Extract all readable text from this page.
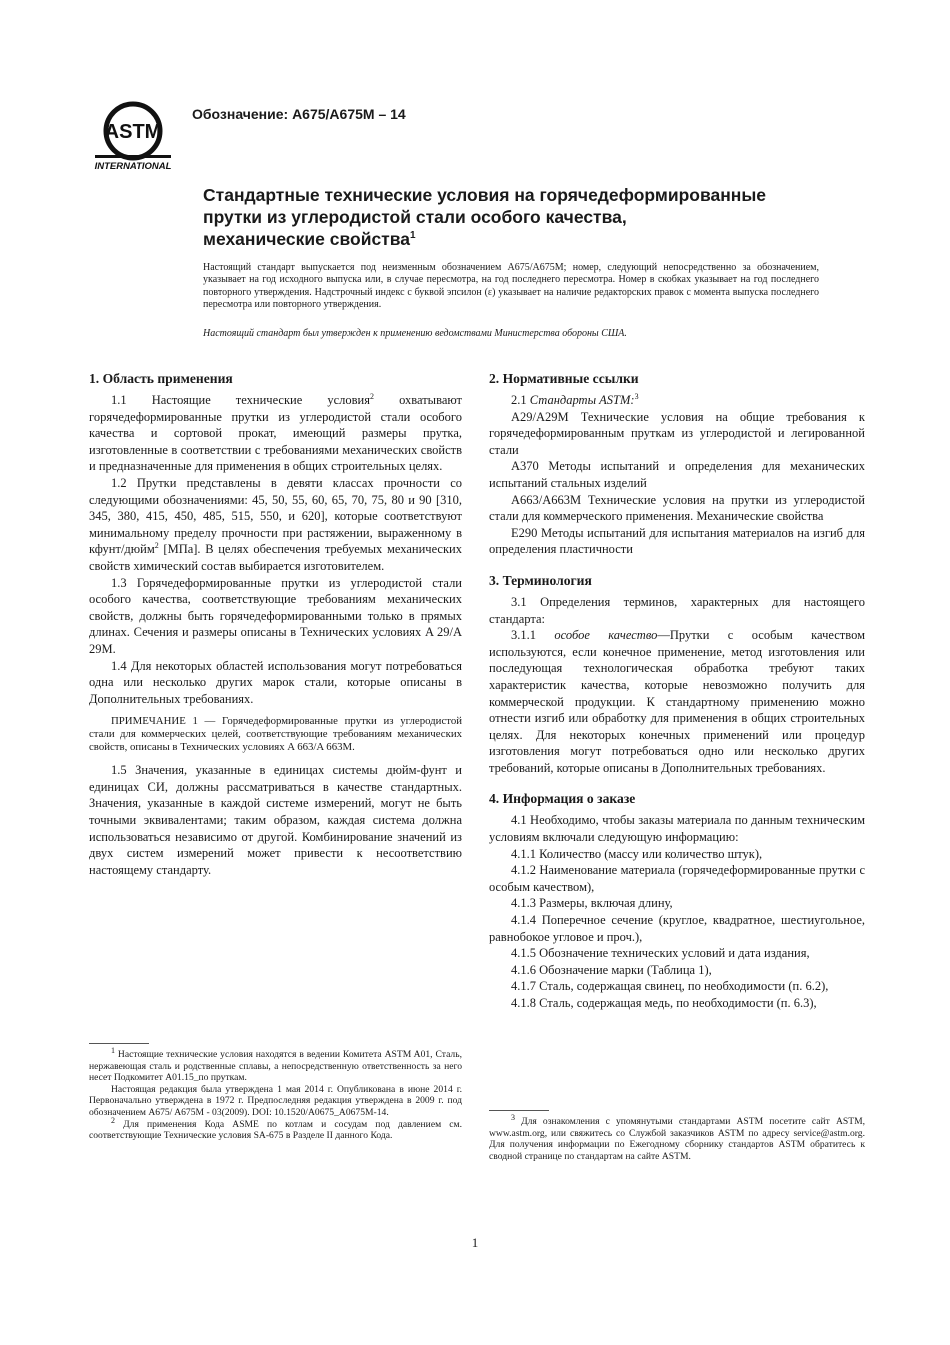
ASTM
INTERNATIONAL
Обозначение: A675/A675M – 14
Стандартные технические условия на горячедеформированные
прутки из углеродистой стали особого качества,
механические свойства$^1$

Настоящий стандарт выпускается под неизменным обозначением A675/A675M; номер, следующий непосредственно за обозначением, указывает на год исходного выпуска или, в случае пересмотра, на год последнего пересмотра. Номер в скобках указывает на год последнего повторного утверждения. Надстрочный индекс с буквой эпсилон (ε) указывает на наличие редакторских правок с момента выпуска последнего пересмотра или повторного утверждения.

Настоящий стандарт был утвержден к применению ведомствами Министерства обороны США.

1. Область применения

1.1 Настоящие технические условия$^2$ охватывают горячедеформированные прутки из углеродистой стали особого качества и сортовой прокат, имеющий размеры прутка, изготовленные в соответствии с требованиями механических свойств и предназначенные для применения в общих строительных целях.

1.2 Прутки представлены в девяти классах прочности со следующими обозначениями: 45, 50, 55, 60, 65, 70, 75, 80 и 90 [310, 345, 380, 415, 450, 485, 515, 550, и 620], которые соответствуют минимальному пределу прочности при растяжении, выраженному в кфунт/дюйм$^2$ [МПа]. В целях обеспечения требуемых механических свойств химический состав выбирается изготовителем.

1.3 Горячедеформированные прутки из углеродистой стали особого качества, соответствующие требованиям механических свойств, должны быть горячедеформированными только в прямых длинах. Сечения и размеры описаны в Технических условиях A 29/A 29M.

1.4 Для некоторых областей использования могут потребоваться одна или несколько других марок стали, которые описаны в Дополнительных требованиях.

ПРИМЕЧАНИЕ 1 — Горячедеформированные прутки из углеродистой стали для коммерческих целей, соответствующие требованиям механических свойств, описаны в Технических условиях A 663/A 663M.

1.5 Значения, указанные в единицах системы дюйм-фунт и единицах СИ, должны рассматриваться в качестве стандартных. Значения, указанные в каждой системе измерений, могут не быть точными эквивалентами; таким образом, каждая система должна использоваться независимо от другой. Комбинирование значений из двух систем измерений может привести к несоответствию настоящему стандарту.

2. Нормативные ссылки

2.1 Стандарты ASTM:$^3$

A29/A29M Технические условия на общие требования к горячедеформированным пруткам из углеродистой и легированной стали

A370 Методы испытаний и определения для механических испытаний стальных изделий

A663/A663M Технические условия на прутки из углеродистой стали для коммерческого применения. Механические свойства

E290 Методы испытаний для испытания материалов на изгиб для определения пластичности

3. Терминология

3.1 Определения терминов, характерных для настоящего стандарта:

3.1.1 особое качество—Прутки с особым качеством используются, если конечное применение, метод изготовления или последующая технологическая обработка требуют таких характеристик качества, которые невозможно получить для коммерческой продукции. К стандартному применению можно отнести изгиб или обработку для применения в общих строительных целях. Для некоторых конечных применений или процедур изготовления могут потребоваться одно или несколько других требований, которые описаны в Дополнительных требованиях.

4. Информация о заказе

4.1 Необходимо, чтобы заказы материала по данным техническим условиям включали следующую информацию:

4.1.1 Количество (массу или количество штук),

4.1.2 Наименование материала (горячедеформированные прутки с особым качеством),

4.1.3 Размеры, включая длину,

4.1.4 Поперечное сечение (круглое, квадратное, шестиугольное, равнобокое угловое и проч.),

4.1.5 Обозначение технических условий и дата издания,

4.1.6 Обозначение марки (Таблица 1),

4.1.7 Сталь, содержащая свинец, по необходимости (п. 6.2),

4.1.8 Сталь, содержащая медь, по необходимости (п. 6.3),

$^1$ Настоящие технические условия находятся в ведении Комитета ASTM A01, Сталь, нержавеющая сталь и родственные сплавы, а непосредственную ответственность за него несет Подкомитет A01.15_по пруткам.

Настоящая редакция была утверждена 1 мая 2014 г. Опубликована в июне 2014 г. Первоначально утверждена в 1972 г. Предпоследняя редакция утверждена в 2009 г. под обозначением A675/ A675M - 03(2009). DOI: 10.1520/A0675_A0675M-14.

$^2$ Для применения Кода ASME по котлам и сосудам под давлением см. соответствующие Технические условия SA-675 в Разделе II данного Кода.

$^3$ Для ознакомления с упомянутыми стандартами ASTM посетите сайт ASTM, www.astm.org, или свяжитесь со Службой заказчиков ASTM по адресу service@astm.org. Для получения информации по Ежегодному сборнику стандартов ASTM обратитесь к сводной странице по стандартам на сайте ASTM.

1
